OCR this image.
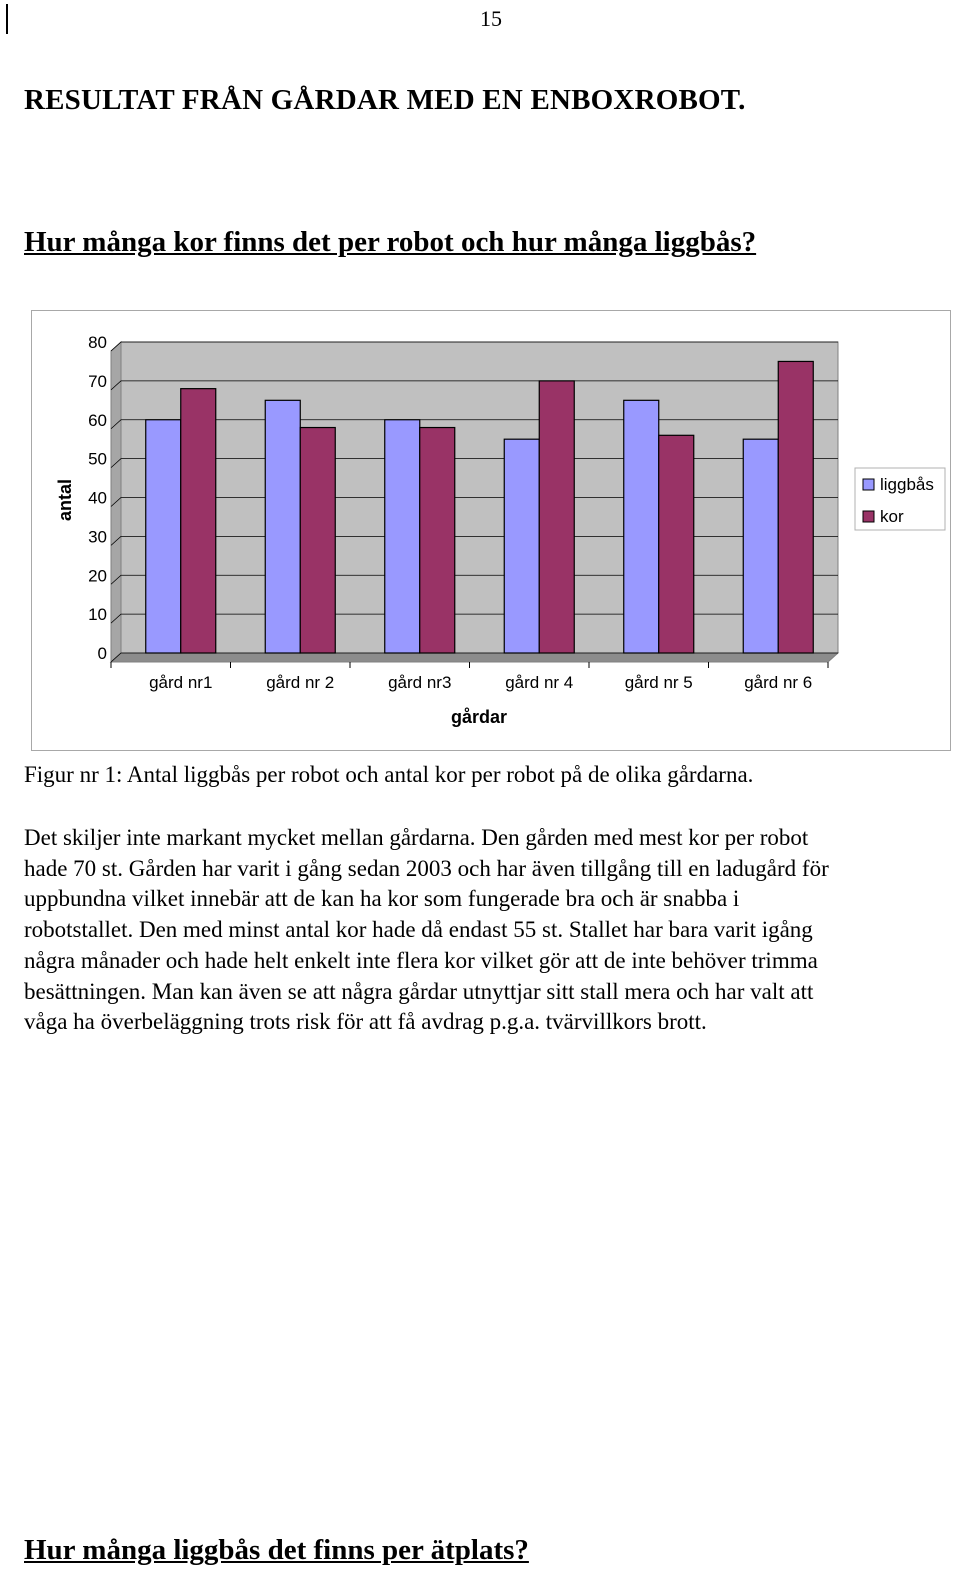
15
RESULTAT FRÅN GÅRDAR MED EN ENBOXROBOT.
Hur många kor finns det per robot och hur många liggbås?
0
10
20
30
40
50
60
70
80
gård nr1	gård nr 2	gård nr3	gård nr 4	gård nr 5	gård nr 6
gårdar
antal	liggbås
kor

Figur nr 1: Antal liggbås per robot och antal kor per robot på de olika gårdarna.

Det skiljer inte markant mycket mellan gårdarna. Den gården med mest kor per robot
hade 70 st. Gården har varit i gång sedan 2003 och har även tillgång till en ladugård för
uppbundna vilket innebär att de kan ha kor som fungerade bra och är snabba i
robotstallet. Den med minst antal kor hade då endast 55 st. Stallet har bara varit igång
några månader och hade helt enkelt inte flera kor vilket gör att de inte behöver trimma
besättningen. Man kan även se att några gårdar utnyttjar sitt stall mera och har valt att
våga ha överbeläggning trots risk för att få avdrag p.g.a. tvärvillkors brott.
Hur många liggbås det finns per ätplats?
